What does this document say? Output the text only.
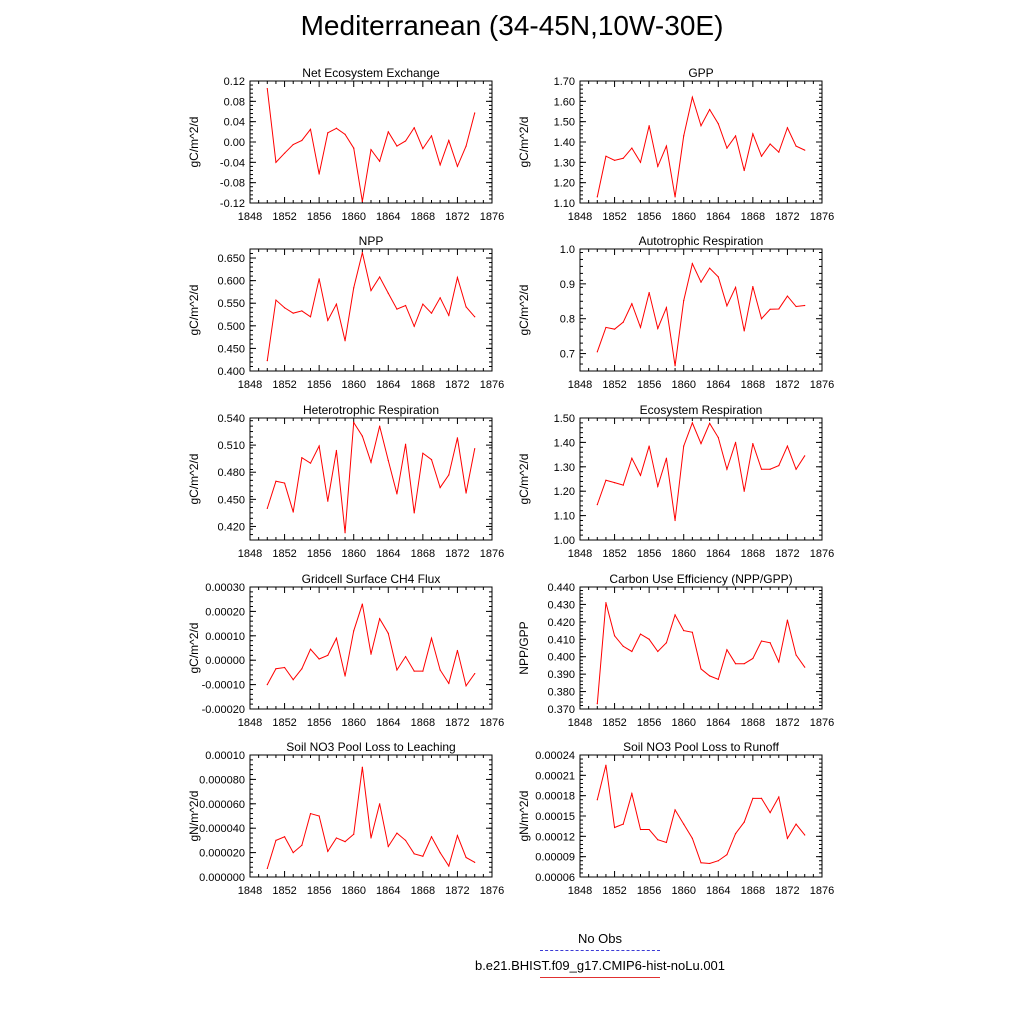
Mediterranean (34-45N,10W-30E)
Net Ecosystem Exchange
gC/m^2/d
1848 1852 1856 1860 1864 1868 1872 1876
-0.12
-0.08
-0.04
0.00
0.04
0.08
0.12
GPP
gC/m^2/d
1848 1852 1856 1860 1864 1868 1872 1876
1.10
1.20
1.30
1.40
1.50
1.60
1.70
NPP
gC/m^2/d
1848 1852 1856 1860 1864 1868 1872 1876
0.400
0.450
0.500
0.550
0.600
0.650
Autotrophic Respiration
gC/m^2/d
1848 1852 1856 1860 1864 1868 1872 1876
0.7
0.8
0.9
1.0
Heterotrophic Respiration
gC/m^2/d
1848 1852 1856 1860 1864 1868 1872 1876
0.420
0.450
0.480
0.510
0.540
Ecosystem Respiration
gC/m^2/d
1848 1852 1856 1860 1864 1868 1872 1876
1.00
1.10
1.20
1.30
1.40
1.50
Gridcell Surface CH4 Flux
gC/m^2/d
1848 1852 1856 1860 1864 1868 1872 1876
-0.00020
-0.00010
0.00000
0.00010
0.00020
0.00030
Carbon Use Efficiency (NPP/GPP)
NPP/GPP
1848 1852 1856 1860 1864 1868 1872 1876
0.370
0.380
0.390
0.400
0.410
0.420
0.430
0.440
Soil NO3 Pool Loss to Leaching
gN/m^2/d
1848 1852 1856 1860 1864 1868 1872 1876
0.000000
0.000020
0.000040
0.000060
0.000080
0.00010
Soil NO3 Pool Loss to Runoff
gN/m^2/d
1848 1852 1856 1860 1864 1868 1872 1876
0.00006
0.00009
0.00012
0.00015
0.00018
0.00021
0.00024
No Obs
b.e21.BHIST.f09_g17.CMIP6-hist-noLu.001
